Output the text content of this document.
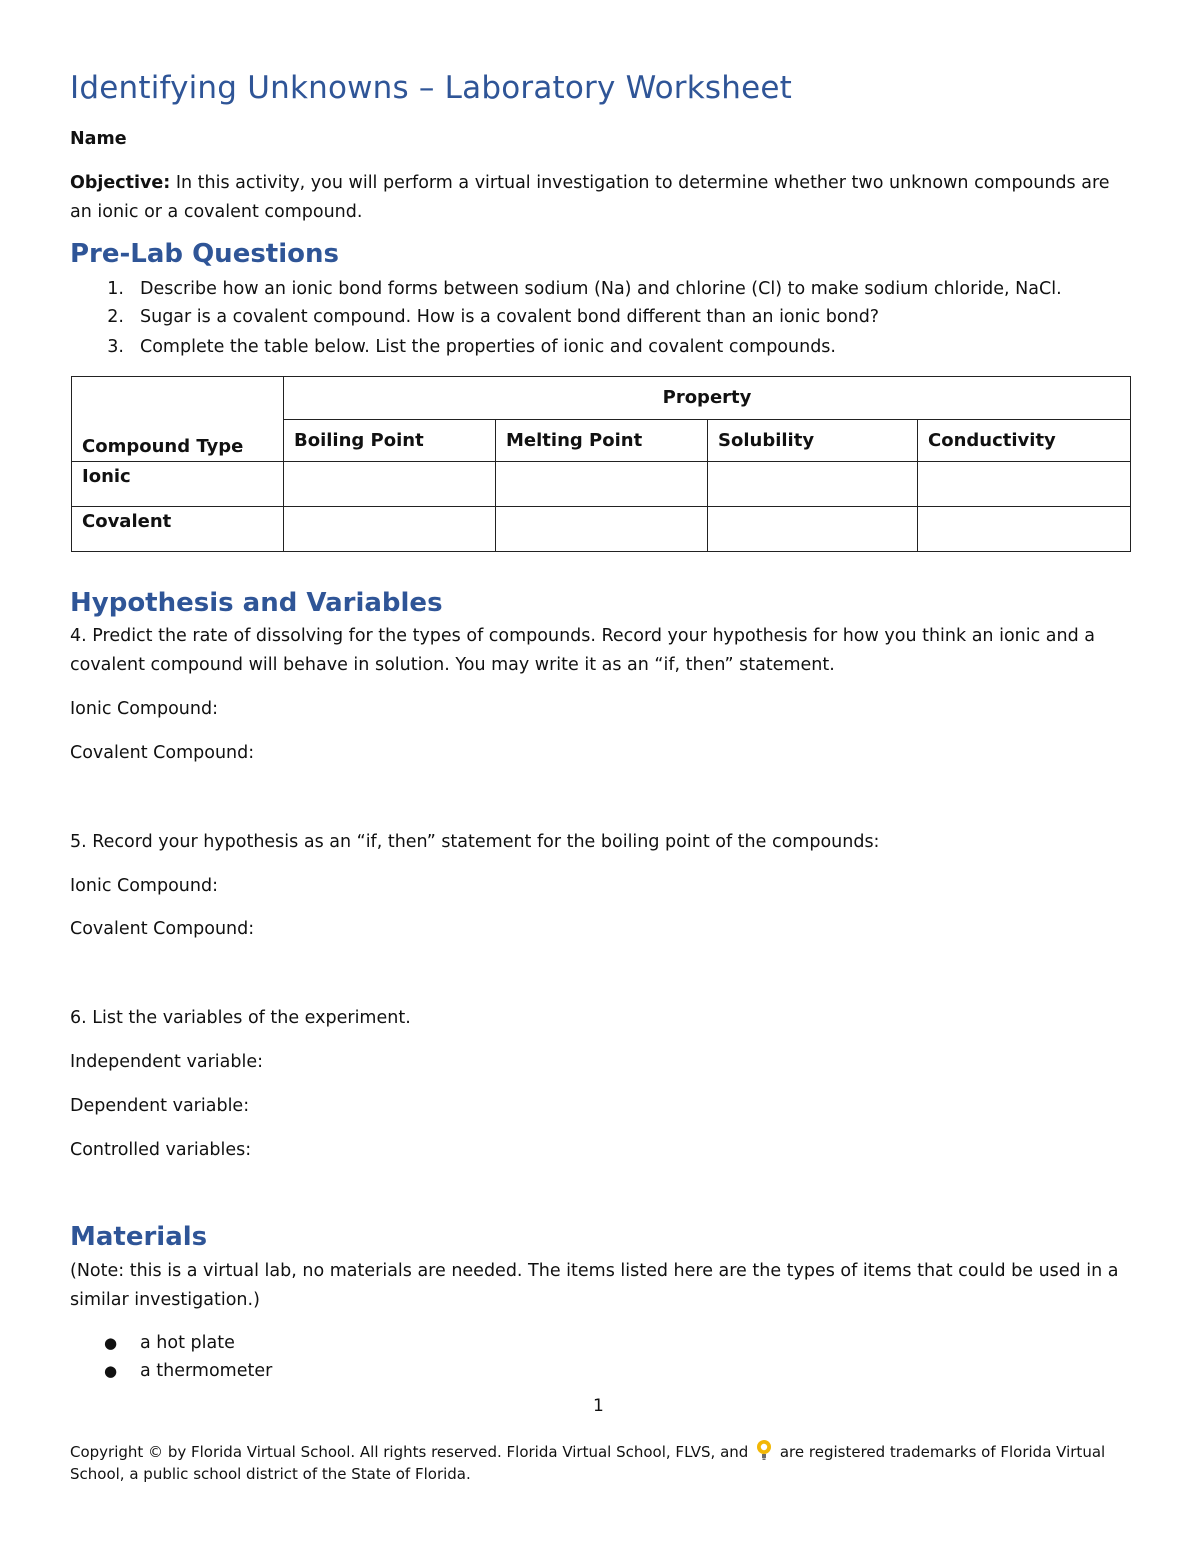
Identifying Unknowns – Laboratory Worksheet
Name
Objective: In this activity, you will perform a virtual investigation to determine whether two unknown compounds are an ionic or a covalent compound.
Pre-Lab Questions
1. Describe how an ionic bond forms between sodium (Na) and chlorine (Cl) to make sodium chloride, NaCl.
2. Sugar is a covalent compound. How is a covalent bond different than an ionic bond?
3. Complete the table below. List the properties of ionic and covalent compounds.
Compound Type	Property			
	Boiling Point	Melting Point	Solubility	Conductivity
Ionic				
Covalent				
Hypothesis and Variables
4. Predict the rate of dissolving for the types of compounds. Record your hypothesis for how you think an ionic and a covalent compound will behave in solution. You may write it as an “if, then” statement.
Ionic Compound:
Covalent Compound:
5. Record your hypothesis as an “if, then” statement for the boiling point of the compounds:
Ionic Compound:
Covalent Compound:
6. List the variables of the experiment.
Independent variable:
Dependent variable:
Controlled variables:
Materials
(Note: this is a virtual lab, no materials are needed. The items listed here are the types of items that could be used in a similar investigation.)
● a hot plate
● a thermometer
1
Copyright © by Florida Virtual School. All rights reserved. Florida Virtual School, FLVS, and  are registered trademarks of Florida Virtual School, a public school district of the State of Florida.
